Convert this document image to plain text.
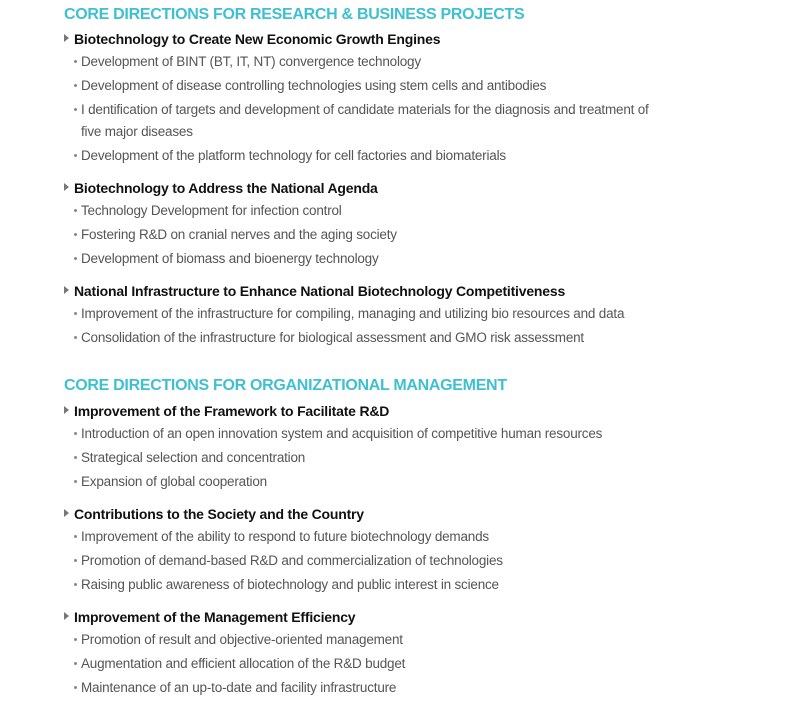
CORE DIRECTIONS FOR RESEARCH & BUSINESS PROJECTS
Biotechnology to Create New Economic Growth Engines
Development of BINT (BT, IT, NT) convergence technology
Development of disease controlling technologies using stem cells and antibodies
I dentification of targets and development of candidate materials for the diagnosis and treatment of
five major diseases
Development of the platform technology for cell factories and biomaterials
Biotechnology to Address the National Agenda
Technology Development for infection control
Fostering R&D on cranial nerves and the aging society
Development of biomass and bioenergy technology
National Infrastructure to Enhance National Biotechnology Competitiveness
Improvement of the infrastructure for compiling, managing and utilizing bio resources and data
Consolidation of the infrastructure for biological assessment and GMO risk assessment
CORE DIRECTIONS FOR ORGANIZATIONAL MANAGEMENT
Improvement of the Framework to Facilitate R&D
Introduction of an open innovation system and acquisition of competitive human resources
Strategical selection and concentration
Expansion of global cooperation
Contributions to the Society and the Country
Improvement of the ability to respond to future biotechnology demands
Promotion of demand-based R&D and commercialization of technologies
Raising public awareness of biotechnology and public interest in science
Improvement of the Management Efficiency
Promotion of result and objective-oriented management
Augmentation and efficient allocation of the R&D budget
Maintenance of an up-to-date and facility infrastructure
